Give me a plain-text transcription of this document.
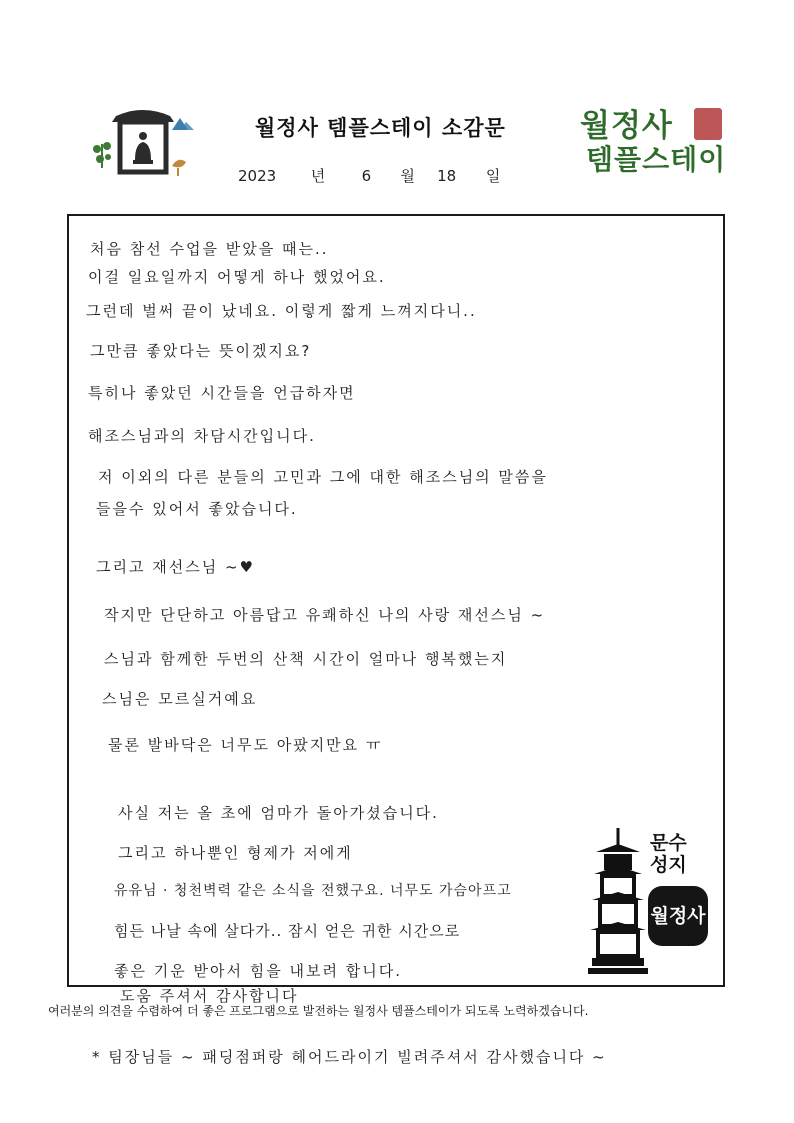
월정사 템플스테이 소감문
2023 년 6 월 18 일
월정사
템플스테이
처음 참선 수업을 받았을 때는..
이걸 일요일까지 어떻게 하나 했었어요.
그런데 벌써 끝이 났네요. 이렇게 짧게 느껴지다니..
그만큼 좋았다는 뜻이겠지요?
특히나 좋았던 시간들을 언급하자면
해조스님과의 차담시간입니다.
저 이외의 다른 분들의 고민과 그에 대한 해조스님의 말씀을
들을수 있어서 좋았습니다.
그리고 재선스님 ~♥
작지만 단단하고 아름답고 유쾌하신 나의 사랑 재선스님 ~
스님과 함께한 두번의 산책 시간이 얼마나 행복했는지
스님은 모르실거예요
물론 발바닥은 너무도 아팠지만요 ㅠ
사실 저는 올 초에 엄마가 돌아가셨습니다.
그리고 하나뿐인 형제가 저에게
유유님 · 청천벽력 같은 소식을 전했구요. 너무도 가슴아프고
힘든 나날 속에 살다가.. 잠시 얻은 귀한 시간으로
좋은 기운 받아서 힘을 내보려 합니다.
도움 주셔서 감사합니다
문수
성지
월정사
여러분의 의견을 수렴하여 더 좋은 프로그램으로 발전하는 월정사 템플스테이가 되도록 노력하겠습니다.
* 팀장님들 ~ 패딩점퍼랑 헤어드라이기 빌려주셔서 감사했습니다 ~
